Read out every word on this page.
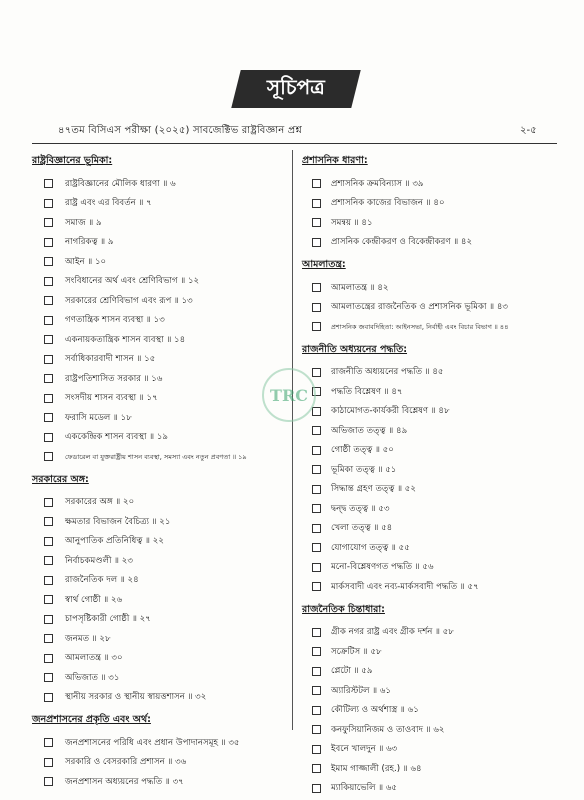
সূচিপত্র
৪৭তম বিসিএস পরীক্ষা (২০২৫) সাবজেক্টিভ রাষ্ট্রবিজ্ঞান প্রশ্ন	২-৫
রাষ্ট্রবিজ্ঞানের ভূমিকা:
রাষ্ট্রবিজ্ঞানের মৌলিক ধারণা ॥ ৬
রাষ্ট্র এবং এর বিবর্তন ॥ ৭
সমাজ ॥ ৯
নাগরিকত্ব ॥ ৯
আইন ॥ ১০
সংবিধানের অর্থ এবং শ্রেণিবিভাগ ॥ ১২
সরকারের শ্রেণিবিভাগ এবং রূপ ॥ ১৩
গণতান্ত্রিক শাসন ব্যবস্থা ॥ ১৩
একনায়কতান্ত্রিক শাসন ব্যবস্থা ॥ ১৪
সর্বাধিকারবাদী শাসন ॥ ১৫
রাষ্ট্রপতিশাসিত সরকার ॥ ১৬
সংসদীয় শাসন ব্যবস্থা ॥ ১৭
ফরাসি মডেল ॥ ১৮
এককেন্দ্রিক শাসন ব্যবস্থা ॥ ১৯
ফেডারেল বা যুক্তরাষ্ট্রীয় শাসন ব্যবস্থা, সমস্যা এবং নতুন প্রবণতা ॥ ১৯
সরকারের অঙ্গ:
সরকারের অঙ্গ ॥ ২০
ক্ষমতার বিভাজন বৈচিত্র্য ॥ ২১
আনুপাতিক প্রতিনিধিত্ব ॥ ২২
নির্বাচকমণ্ডলী ॥ ২৩
রাজনৈতিক দল ॥ ২৪
স্বার্থ গোষ্ঠী ॥ ২৬
চাপসৃষ্টিকারী গোষ্ঠী ॥ ২৭
জনমত ॥ ২৮
আমলাতন্ত্র ॥ ৩০
অভিজাত ॥ ৩১
স্থানীয় সরকার ও স্থানীয় স্বায়ত্তশাসন ॥ ৩২
জনপ্রশাসনের প্রকৃতি এবং অর্থ:
জনপ্রশাসনের পরিধি এবং প্রধান উপাদানসমূহ ॥ ৩৫
সরকারি ও বেসরকারি প্রশাসন ॥ ৩৬
জনপ্রশাসন অধ্যয়নের পদ্ধতি ॥ ৩৭
প্রশাসনিক ধারণা:
প্রশাসনিক ক্রমবিন্যাস ॥ ৩৯
প্রশাসনিক কাজের বিভাজন ॥ ৪০
সমন্বয় ॥ ৪১
প্রাসনিক কেন্দ্রীকরণ ও বিকেন্দ্রীকরণ ॥ ৪২
আমলাতন্ত্র:
আমলাতন্ত্র ॥ ৪২
আমলাতন্ত্রের রাজনৈতিক ও প্রশাসনিক ভূমিকা ॥ ৪৩
প্রশাসনিক জবাবদিহিতা: আইনসভা, নির্বাহী এবং বিচার বিভাগ ॥ ৪৪
রাজনীতি অধ্যয়নের পদ্ধতি:
রাজনীতি অধ্যয়নের পদ্ধতি ॥ ৪৫
পদ্ধতি বিশ্লেষণ ॥ ৪৭
কাঠামোগত-কার্যকরী বিশ্লেষণ ॥ ৪৮
অভিজাত তত্ত্ব ॥ ৪৯
গোষ্ঠী তত্ত্ব ॥ ৫০
ভূমিকা তত্ত্ব ॥ ৫১
সিদ্ধান্ত গ্রহণ তত্ত্ব ॥ ৫২
দ্বন্দ্ব তত্ত্ব ॥ ৫৩
খেলা তত্ত্ব ॥ ৫৪
যোগাযোগ তত্ত্ব ॥ ৫৫
মনো-বিশ্লেষণগত পদ্ধতি ॥ ৫৬
মার্কসবাদী এবং নব্য-মার্কসবাদী পদ্ধতি ॥ ৫৭
রাজনৈতিক চিন্তাধারা:
গ্রীক নগর রাষ্ট্র এবং গ্রীক দর্শন ॥ ৫৮
সক্রেটিস ॥ ৫৮
প্লেটো ॥ ৫৯
অ্যারিস্টটল ॥ ৬১
কৌটিল্য ও অর্থশাস্ত্র ॥ ৬১
কনফুসিয়ানিজম ও তাওবাদ ॥ ৬২
ইবনে খালদুন ॥ ৬৩
ইমাম গাজ্জালী (রহ.) ॥ ৬৪
ম্যাকিয়াভেলি ॥ ৬৫
TRC
